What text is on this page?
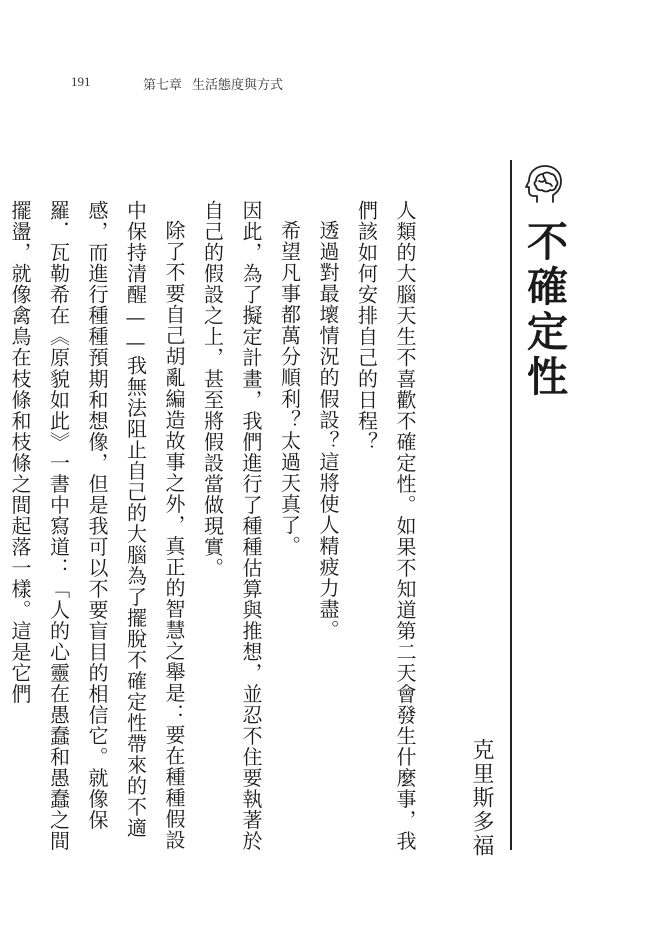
191	第七章 生活態度與方式
不確定性
克里斯多福

人類的大腦天生不喜歡不確定性。如果不知道第二天會發生什麼事，我們該如何安排自己的日程？

透過對最壞情況的假設？這將使人精疲力盡。

希望凡事都萬分順利？太過天真了。

因此，為了擬定計畫，我們進行了種種估算與推想，並忍不住要執著於自己的假設之上，甚至將假設當做現實。

除了不要自己胡亂編造故事之外，真正的智慧之舉是：要在種種假設中保持清醒——我無法阻止自己的大腦為了擺脫不確定性帶來的不適感，而進行種種預期和想像，但是我可以不要盲目的相信它。就像保羅．瓦勒希在《原貌如此》一書中寫道：「人的心靈在愚蠢和愚蠢之間擺盪，就像禽鳥在枝條和枝條之間起落一樣。這是它們
